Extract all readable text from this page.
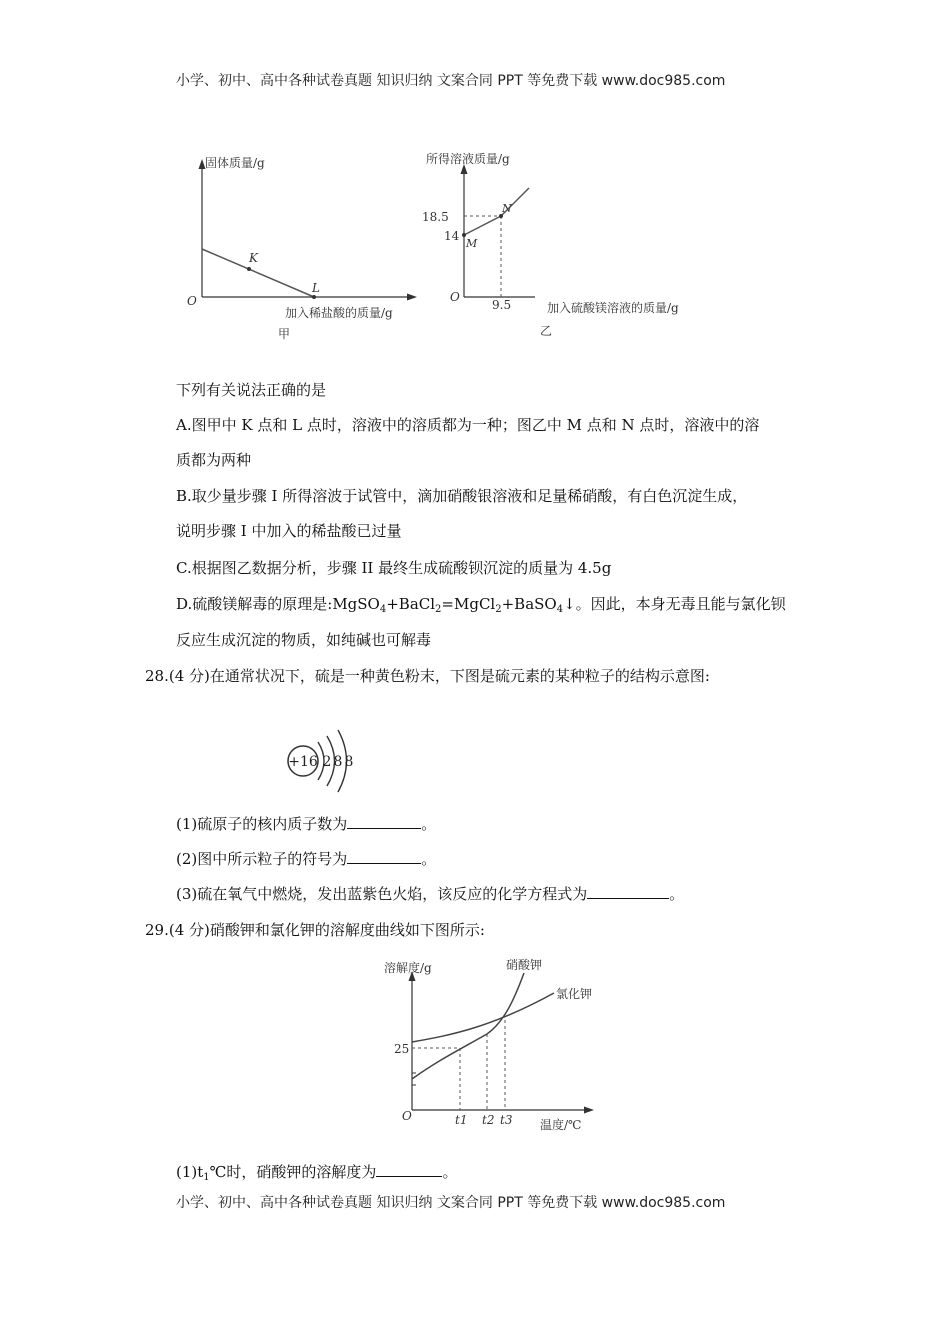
小学、初中、高中各种试卷真题 知识归纳 文案合同 PPT 等免费下载 www.doc985.com
固体质量/g
O
K
L
加入稀盐酸的质量/g
甲
所得溶液质量/g
O
18.5
14
M
N
9.5	加入硫酸镁溶液的质量/g
乙
下列有关说法正确的是
A.图甲中 K 点和 L 点时，溶液中的溶质都为一种；图乙中 M 点和 N 点时，溶液中的溶
质都为两种
B.取少量步骤 I 所得溶波于试管中，滴加硝酸银溶液和足量稀硝酸，有白色沉淀生成，
说明步骤 I 中加入的稀盐酸已过量
C.根据图乙数据分析，步骤 II 最终生成硫酸钡沉淀的质量为 4.5g
D.硫酸镁解毒的原理是:MgSO$_4$+BaCl$_2$=MgCl$_2$+BaSO$_4$↓。因此，本身无毒且能与氯化钡
反应生成沉淀的物质，如纯碱也可解毒
28.(4 分)在通常状况下，硫是一种黄色粉末，下图是硫元素的某种粒子的结构示意图:
+16 2 8 8
(1)硫原子的核内质子数为	。
(2)图中所示粒子的符号为	。
(3)硫在氧气中燃烧，发出蓝紫色火焰，该反应的化学方程式为	。
29.(4 分)硝酸钾和氯化钾的溶解度曲线如下图所示:
溶解度/g
O
25
硝酸钾
氯化钾
t1 t2 t3 温度/℃
$(1)t_1℃$时，硝酸钾的溶解度为	。
小学、初中、高中各种试卷真题 知识归纳 文案合同 PPT 等免费下载 www.doc985.com
